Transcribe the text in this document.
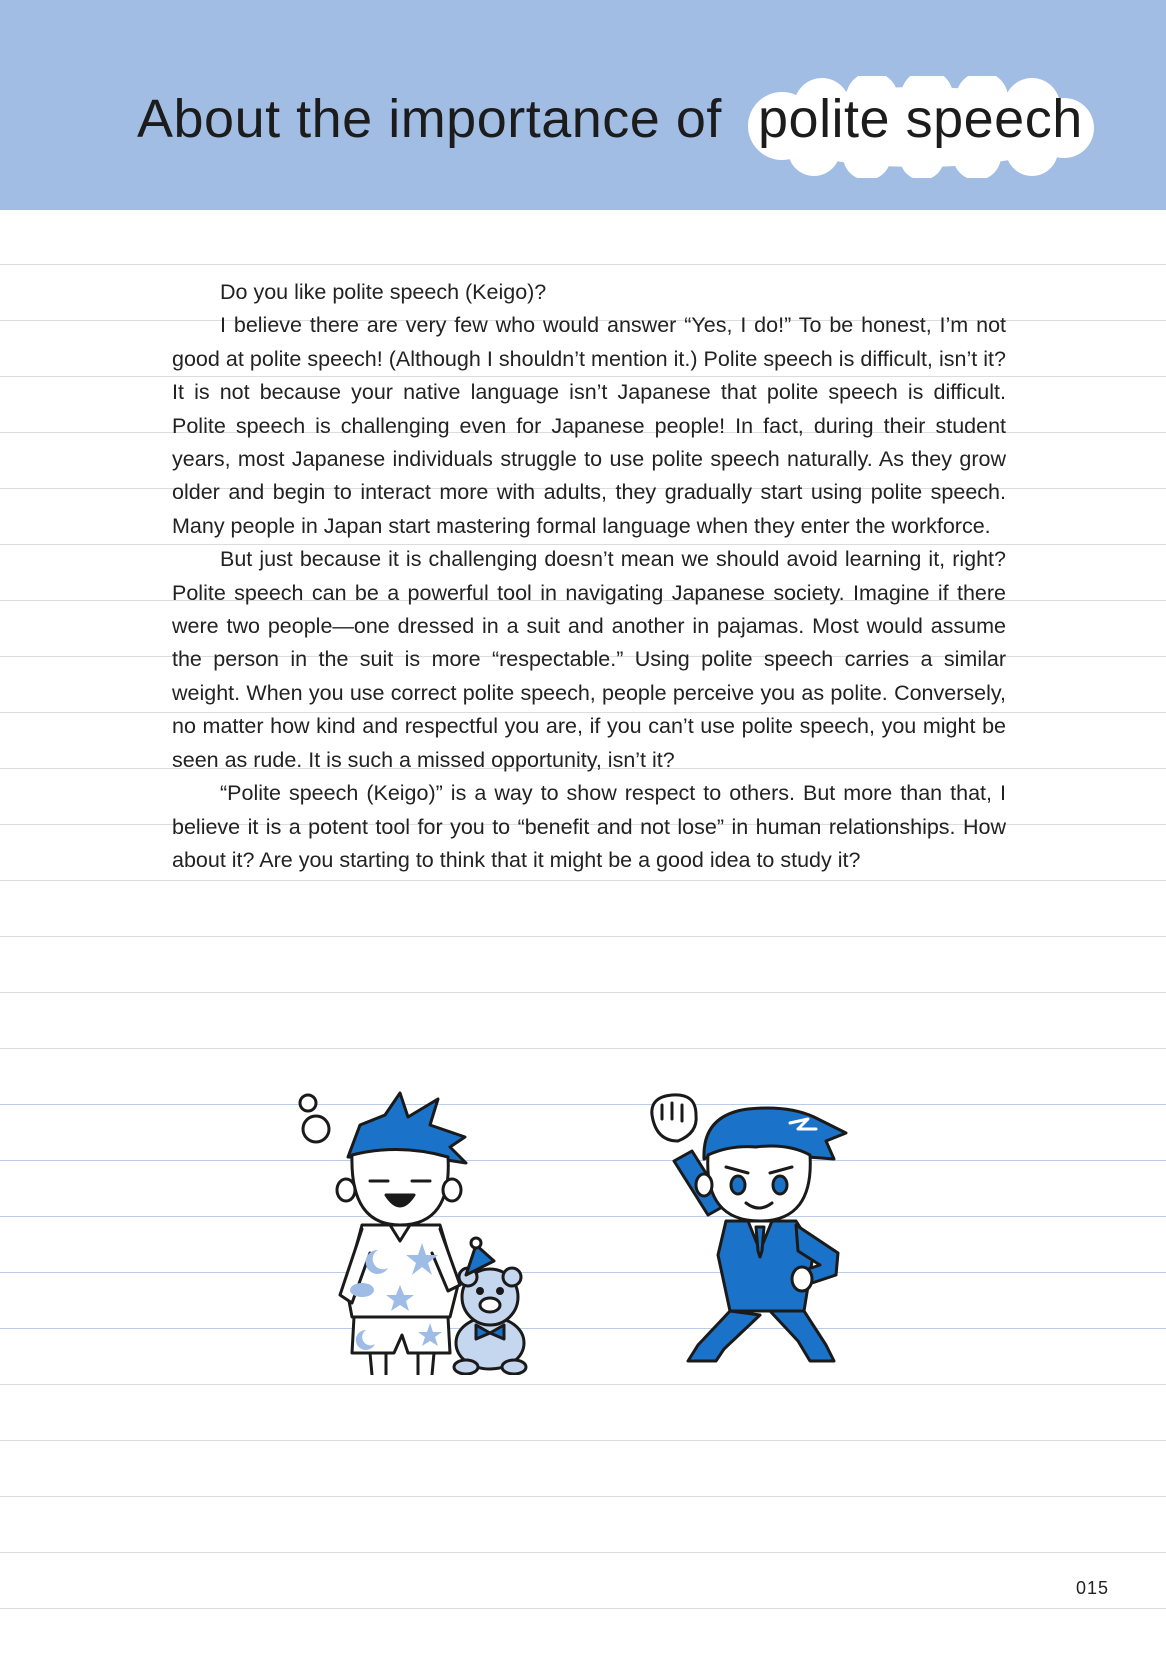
About the importance of polite speech

Do you like polite speech (Keigo)?

I believe there are very few who would answer “Yes, I do!” To be honest, I’m not good at polite speech! (Although I shouldn’t mention it.) Polite speech is difficult, isn’t it? It is not because your native language isn’t Japanese that polite speech is difficult. Polite speech is challenging even for Japanese people! In fact, during their student years, most Japanese individuals struggle to use polite speech naturally. As they grow older and begin to interact more with adults, they gradually start using polite speech. Many people in Japan start mastering formal language when they enter the workforce.

But just because it is challenging doesn’t mean we should avoid learning it, right? Polite speech can be a powerful tool in navigating Japanese society. Imagine if there were two people—one dressed in a suit and another in pajamas. Most would assume the person in the suit is more “respectable.” Using polite speech carries a similar weight. When you use correct polite speech, people perceive you as polite. Conversely, no matter how kind and respectful you are, if you can’t use polite speech, you might be seen as rude. It is such a missed opportunity, isn’t it?

“Polite speech (Keigo)” is a way to show respect to others. But more than that, I believe it is a potent tool for you to “benefit and not lose” in human relationships. How about it? Are you starting to think that it might be a good idea to study it?

015
